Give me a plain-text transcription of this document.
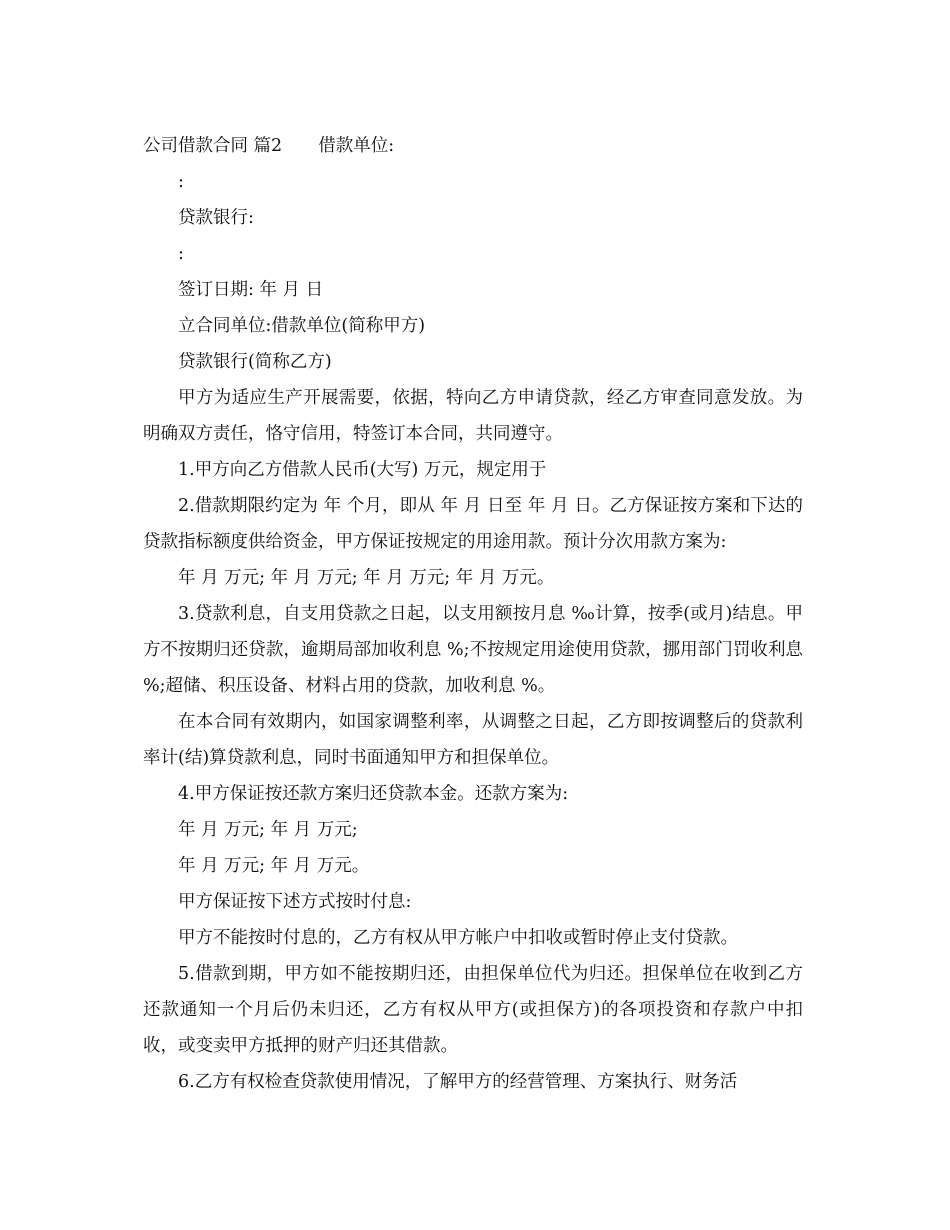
公司借款合同 篇2 借款单位:

:

贷款银行:

:

签订日期: 年 月 日

立合同单位:借款单位(简称甲方)

贷款银行(简称乙方)

甲方为适应生产开展需要，依据，特向乙方申请贷款，经乙方审查同意发放。为明确双方责任，恪守信用，特签订本合同，共同遵守。

1.甲方向乙方借款人民币(大写) 万元，规定用于

2.借款期限约定为 年 个月，即从 年 月 日至 年 月 日。乙方保证按方案和下达的贷款指标额度供给资金，甲方保证按规定的用途用款。预计分次用款方案为:

年 月 万元; 年 月 万元; 年 月 万元; 年 月 万元。

3.贷款利息，自支用贷款之日起，以支用额按月息 ‰计算，按季(或月)结息。甲方不按期归还贷款，逾期局部加收利息 %;不按规定用途使用贷款，挪用部门罚收利息 %;超储、积压设备、材料占用的贷款，加收利息 %。

在本合同有效期内，如国家调整利率，从调整之日起，乙方即按调整后的贷款利率计(结)算贷款利息，同时书面通知甲方和担保单位。

4.甲方保证按还款方案归还贷款本金。还款方案为:

年 月 万元; 年 月 万元;

年 月 万元; 年 月 万元。

甲方保证按下述方式按时付息:

甲方不能按时付息的，乙方有权从甲方帐户中扣收或暂时停止支付贷款。

5.借款到期，甲方如不能按期归还，由担保单位代为归还。担保单位在收到乙方还款通知一个月后仍未归还，乙方有权从甲方(或担保方)的各项投资和存款户中扣收，或变卖甲方抵押的财产归还其借款。

6.乙方有权检查贷款使用情况，了解甲方的经营管理、方案执行、财务活
